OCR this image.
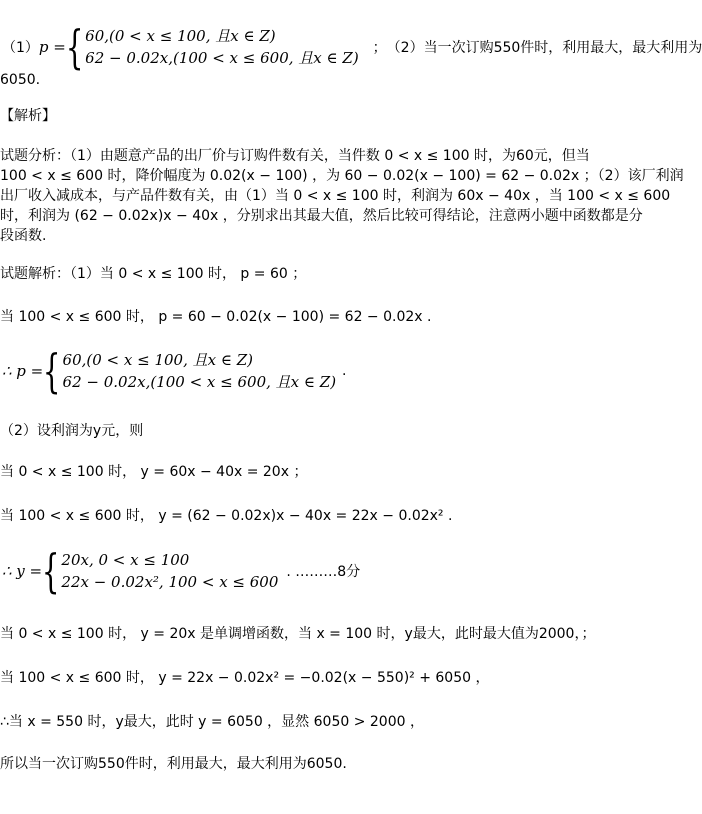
（1） p = { 60,(0 < x ≤ 100, 且x ∈ Z)
62 − 0.02x,(100 < x ≤ 600, 且x ∈ Z)
； （2）当一次订购550件时，利用最大，最大利用为
6050.
【解析】
试题分析：（1）由题意产品的出厂价与订购件数有关，当件数 0 < x ≤ 100 时，为60元，但当
100 < x ≤ 600 时，降价幅度为 0.02(x − 100) ，为 60 − 0.02(x − 100) = 62 − 0.02x ；（2）该厂利润
出厂收入减成本，与产品件数有关，由（1）当 0 < x ≤ 100 时，利润为 60x − 40x ，当 100 < x ≤ 600
时，利润为 (62 − 0.02x)x − 40x ，分别求出其最大值，然后比较可得结论，注意两小题中函数都是分
段函数.
试题解析：（1）当 0 < x ≤ 100 时， p = 60 ；
当 100 < x ≤ 600 时， p = 60 − 0.02(x − 100) = 62 − 0.02x .
∴ p = { 60,(0 < x ≤ 100, 且x ∈ Z)
62 − 0.02x,(100 < x ≤ 600, 且x ∈ Z)
.
（2）设利润为y元，则
当 0 < x ≤ 100 时， y = 60x − 40x = 20x ；
当 100 < x ≤ 600 时， y = (62 − 0.02x)x − 40x = 22x − 0.02x² .
∴ y = { 20x, 0 < x ≤ 100
22x − 0.02x², 100 < x ≤ 600
. ………8分
当 0 < x ≤ 100 时， y = 20x 是单调增函数，当 x = 100 时，y最大，此时最大值为2000，；
当 100 < x ≤ 600 时， y = 22x − 0.02x² = −0.02(x − 550)² + 6050 ，
∴当 x = 550 时，y最大，此时 y = 6050 ，显然 6050 > 2000 ，
所以当一次订购550件时，利用最大，最大利用为6050.
